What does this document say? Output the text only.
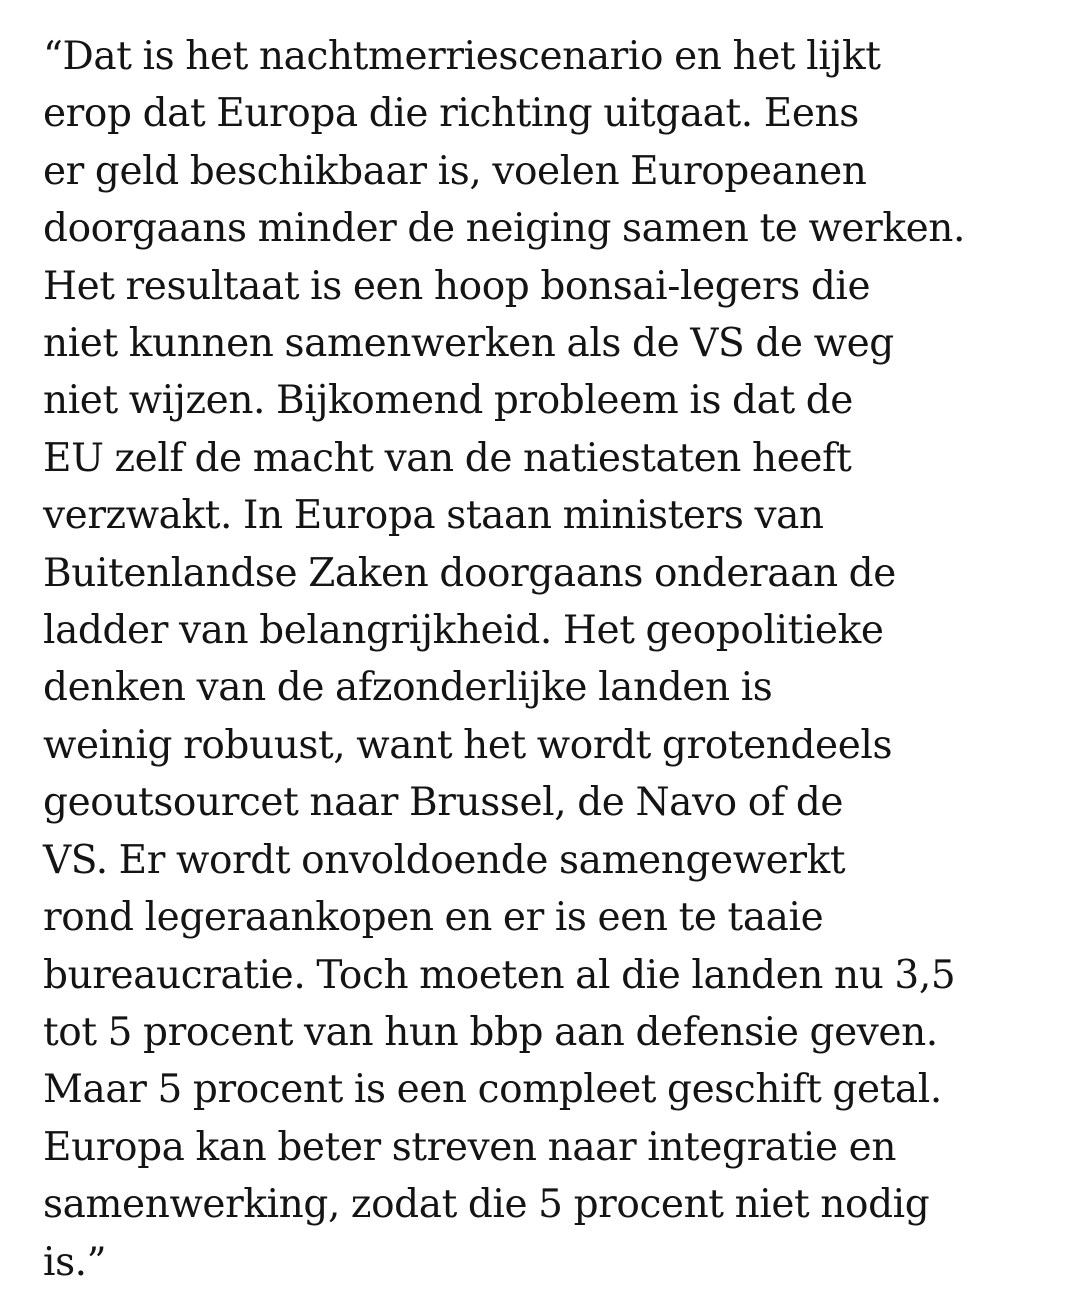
“Dat is het nachtmerriescenario en het lijkt
erop dat Europa die richting uitgaat. Eens
er geld beschikbaar is, voelen Europeanen
doorgaans minder de neiging samen te werken.
Het resultaat is een hoop bonsai-legers die
niet kunnen samenwerken als de VS de weg
niet wijzen. Bijkomend probleem is dat de
EU zelf de macht van de natiestaten heeft
verzwakt. In Europa staan ministers van
Buitenlandse Zaken doorgaans onderaan de
ladder van belangrijkheid. Het geopolitieke
denken van de afzonderlijke landen is
weinig robuust, want het wordt grotendeels
geoutsourcet naar Brussel, de Navo of de
VS. Er wordt onvoldoende samengewerkt
rond legeraankopen en er is een te taaie
bureaucratie. Toch moeten al die landen nu 3,5
tot 5 procent van hun bbp aan defensie geven.
Maar 5 procent is een compleet geschift getal.
Europa kan beter streven naar integratie en
samenwerking, zodat die 5 procent niet nodig
is.”
